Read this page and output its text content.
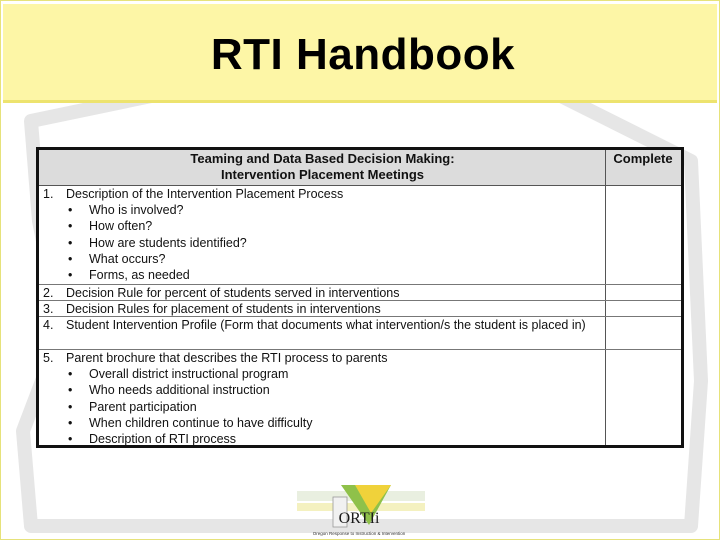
RTI Handbook
Teaming and Data Based Decision Making:
Intervention Placement Meetings
Complete
1.	Description of the Intervention Placement Process
• Who is involved?
• How often?
• How are students identified?
• What occurs?
• Forms, as needed
2.	Decision Rule for percent of students served in interventions
3.	Decision Rules for placement of students in interventions
4.	Student Intervention Profile (Form that documents what intervention/s the student is placed in)
5.	Parent brochure that describes the RTI process to parents
• Overall district instructional program
• Who needs additional instruction
• Parent participation
• When children continue to have difficulty
• Description of RTI process
ORTIi
Oregon Response to Instruction & Intervention
